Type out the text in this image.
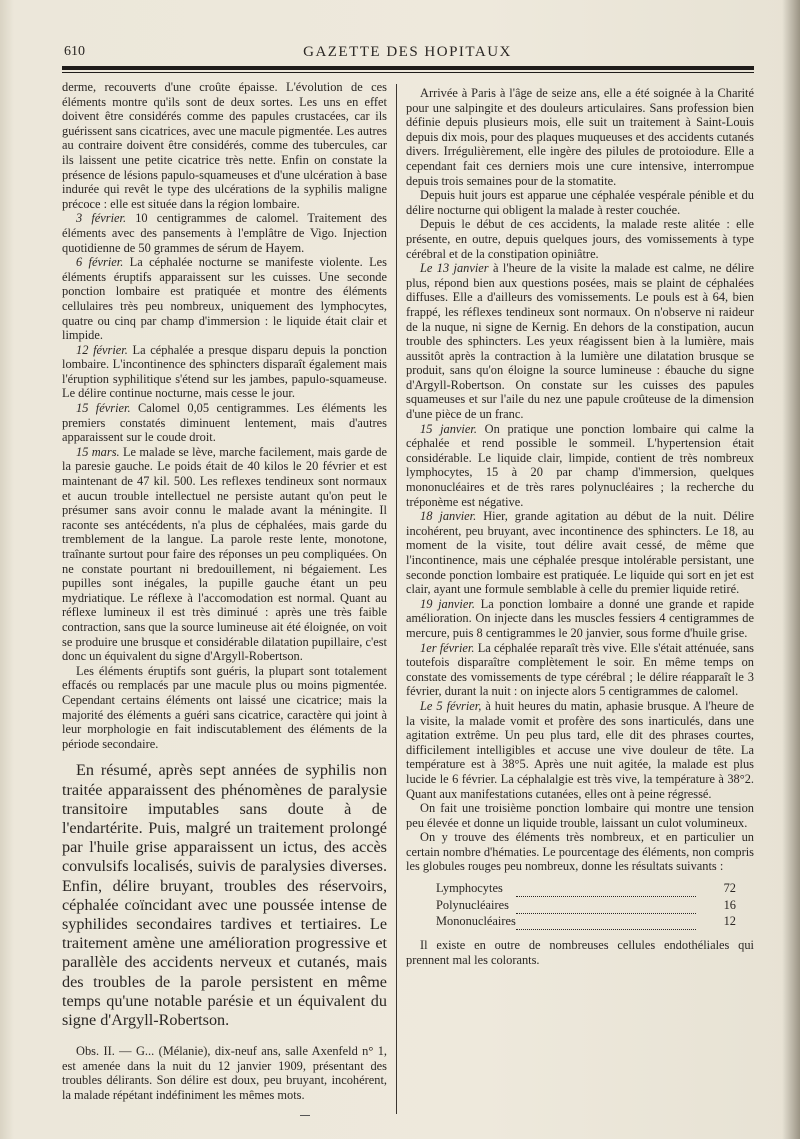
610	GAZETTE DES HOPITAUX

derme, recouverts d'une croûte épaisse. L'évolution de ces éléments montre qu'ils sont de deux sortes. Les uns en effet doivent être considérés comme des papules crustacées, car ils guérissent sans cicatrices, avec une macule pigmentée. Les autres au contraire doivent être considérés, comme des tubercules, car ils laissent une petite cicatrice très nette. Enfin on constate la présence de lésions papulo-squameuses et d'une ulcération à base indurée qui revêt le type des ulcérations de la syphilis maligne précoce : elle est située dans la région lombaire.

3 février. 10 centigrammes de calomel. Traitement des éléments avec des pansements à l'emplâtre de Vigo. Injection quotidienne de 50 grammes de sérum de Hayem.

6 février. La céphalée nocturne se manifeste violente. Les éléments éruptifs apparaissent sur les cuisses. Une seconde ponction lombaire est pratiquée et montre des éléments cellulaires très peu nombreux, uniquement des lymphocytes, quatre ou cinq par champ d'immersion : le liquide était clair et limpide.

12 février. La céphalée a presque disparu depuis la ponction lombaire. L'incontinence des sphincters disparaît également mais l'éruption syphilitique s'étend sur les jambes, papulo-squameuse. Le délire continue nocturne, mais cesse le jour.

15 février. Calomel 0,05 centigrammes. Les éléments les premiers constatés diminuent lentement, mais d'autres apparaissent sur le coude droit.

15 mars. Le malade se lève, marche facilement, mais garde de la paresie gauche. Le poids était de 40 kilos le 20 février et est maintenant de 47 kil. 500. Les reflexes tendineux sont normaux et aucun trouble intellectuel ne persiste autant qu'on peut le présumer sans avoir connu le malade avant la méningite. Il raconte ses antécédents, n'a plus de céphalées, mais garde du tremblement de la langue. La parole reste lente, monotone, traînante surtout pour faire des réponses un peu compliquées. On ne constate pourtant ni bredouillement, ni bégaiement. Les pupilles sont inégales, la pupille gauche étant un peu mydriatique. Le réflexe à l'accomodation est normal. Quant au réflexe lumineux il est très diminué : après une très faible contraction, sans que la source lumineuse ait été éloignée, on voit se produire une brusque et considérable dilatation pupillaire, c'est donc un équivalent du signe d'Argyll-Robertson.

Les éléments éruptifs sont guéris, la plupart sont totalement effacés ou remplacés par une macule plus ou moins pigmentée. Cependant certains éléments ont laissé une cicatrice; mais la majorité des éléments a guéri sans cicatrice, caractère qui joint à leur morphologie en fait indiscutablement des éléments de la période secondaire.

En résumé, après sept années de syphilis non traitée apparaissent des phénomènes de paralysie transitoire imputables sans doute à de l'endartérite. Puis, malgré un traitement prolongé par l'huile grise apparaissent un ictus, des accès convulsifs localisés, suivis de paralysies diverses. Enfin, délire bruyant, troubles des réservoirs, céphalée coïncidant avec une poussée intense de syphilides secondaires tardives et tertiaires. Le traitement amène une amélioration progressive et parallèle des accidents nerveux et cutanés, mais des troubles de la parole persistent en même temps qu'une notable parésie et un équivalent du signe d'Argyll-Robertson.

Obs. II. — G... (Mélanie), dix-neuf ans, salle Axenfeld n° 1, est amenée dans la nuit du 12 janvier 1909, présentant des troubles délirants. Son délire est doux, peu bruyant, incohérent, la malade répétant indéfiniment les mêmes mots.

Arrivée à Paris à l'âge de seize ans, elle a été soignée à la Charité pour une salpingite et des douleurs articulaires. Sans profession bien définie depuis plusieurs mois, elle suit un traitement à Saint-Louis depuis dix mois, pour des plaques muqueuses et des accidents cutanés divers. Irrégulièrement, elle ingère des pilules de protoiodure. Elle a cependant fait ces derniers mois une cure intensive, interrompue depuis trois semaines pour de la stomatite.

Depuis huit jours est apparue une céphalée vespérale pénible et du délire nocturne qui obligent la malade à rester couchée.

Depuis le début de ces accidents, la malade reste alitée : elle présente, en outre, depuis quelques jours, des vomissements à type cérébral et de la constipation opiniâtre.

Le 13 janvier à l'heure de la visite la malade est calme, ne délire plus, répond bien aux questions posées, mais se plaint de céphalées diffuses. Elle a d'ailleurs des vomissements. Le pouls est à 64, bien frappé, les réflexes tendineux sont normaux. On n'observe ni raideur de la nuque, ni signe de Kernig. En dehors de la constipation, aucun trouble des sphincters. Les yeux réagissent bien à la lumière, mais aussitôt après la contraction à la lumière une dilatation brusque se produit, sans qu'on éloigne la source lumineuse : ébauche du signe d'Argyll-Robertson. On constate sur les cuisses des papules squameuses et sur l'aile du nez une papule croûteuse de la dimension d'une pièce de un franc.

15 janvier. On pratique une ponction lombaire qui calme la céphalée et rend possible le sommeil. L'hypertension était considérable. Le liquide clair, limpide, contient de très nombreux lymphocytes, 15 à 20 par champ d'immersion, quelques mononucléaires et de très rares polynucléaires ; la recherche du tréponème est négative.

18 janvier. Hier, grande agitation au début de la nuit. Délire incohérent, peu bruyant, avec incontinence des sphincters. Le 18, au moment de la visite, tout délire avait cessé, de même que l'incontinence, mais une céphalée presque intolérable persistant, une seconde ponction lombaire est pratiquée. Le liquide qui sort en jet est clair, ayant une formule semblable à celle du premier liquide retiré.

19 janvier. La ponction lombaire a donné une grande et rapide amélioration. On injecte dans les muscles fessiers 4 centigrammes de mercure, puis 8 centigrammes le 20 janvier, sous forme d'huile grise.

1er février. La céphalée reparaît très vive. Elle s'était atténuée, sans toutefois disparaître complètement le soir. En même temps on constate des vomissements de type cérébral ; le délire réapparaît le 3 février, durant la nuit : on injecte alors 5 centigrammes de calomel.

Le 5 février, à huit heures du matin, aphasie brusque. A l'heure de la visite, la malade vomit et profère des sons inarticulés, dans une agitation extrême. Un peu plus tard, elle dit des phrases courtes, difficilement intelligibles et accuse une vive douleur de tête. La température est à 38°5. Après une nuit agitée, la malade est plus lucide le 6 février. La céphalalgie est très vive, la température à 38°2. Quant aux manifestations cutanées, elles ont à peine régressé.

On fait une troisième ponction lombaire qui montre une tension peu élevée et donne un liquide trouble, laissant un culot volumineux.

On y trouve des éléments très nombreux, et en particulier un certain nombre d'hématies. Le pourcentage des éléments, non compris les globules rouges peu nombreux, donne les résultats suivants :

Lymphocytes		72
Polynucléaires		16
Mononucléaires		12

Il existe en outre de nombreuses cellules endothéliales qui prennent mal les colorants.
